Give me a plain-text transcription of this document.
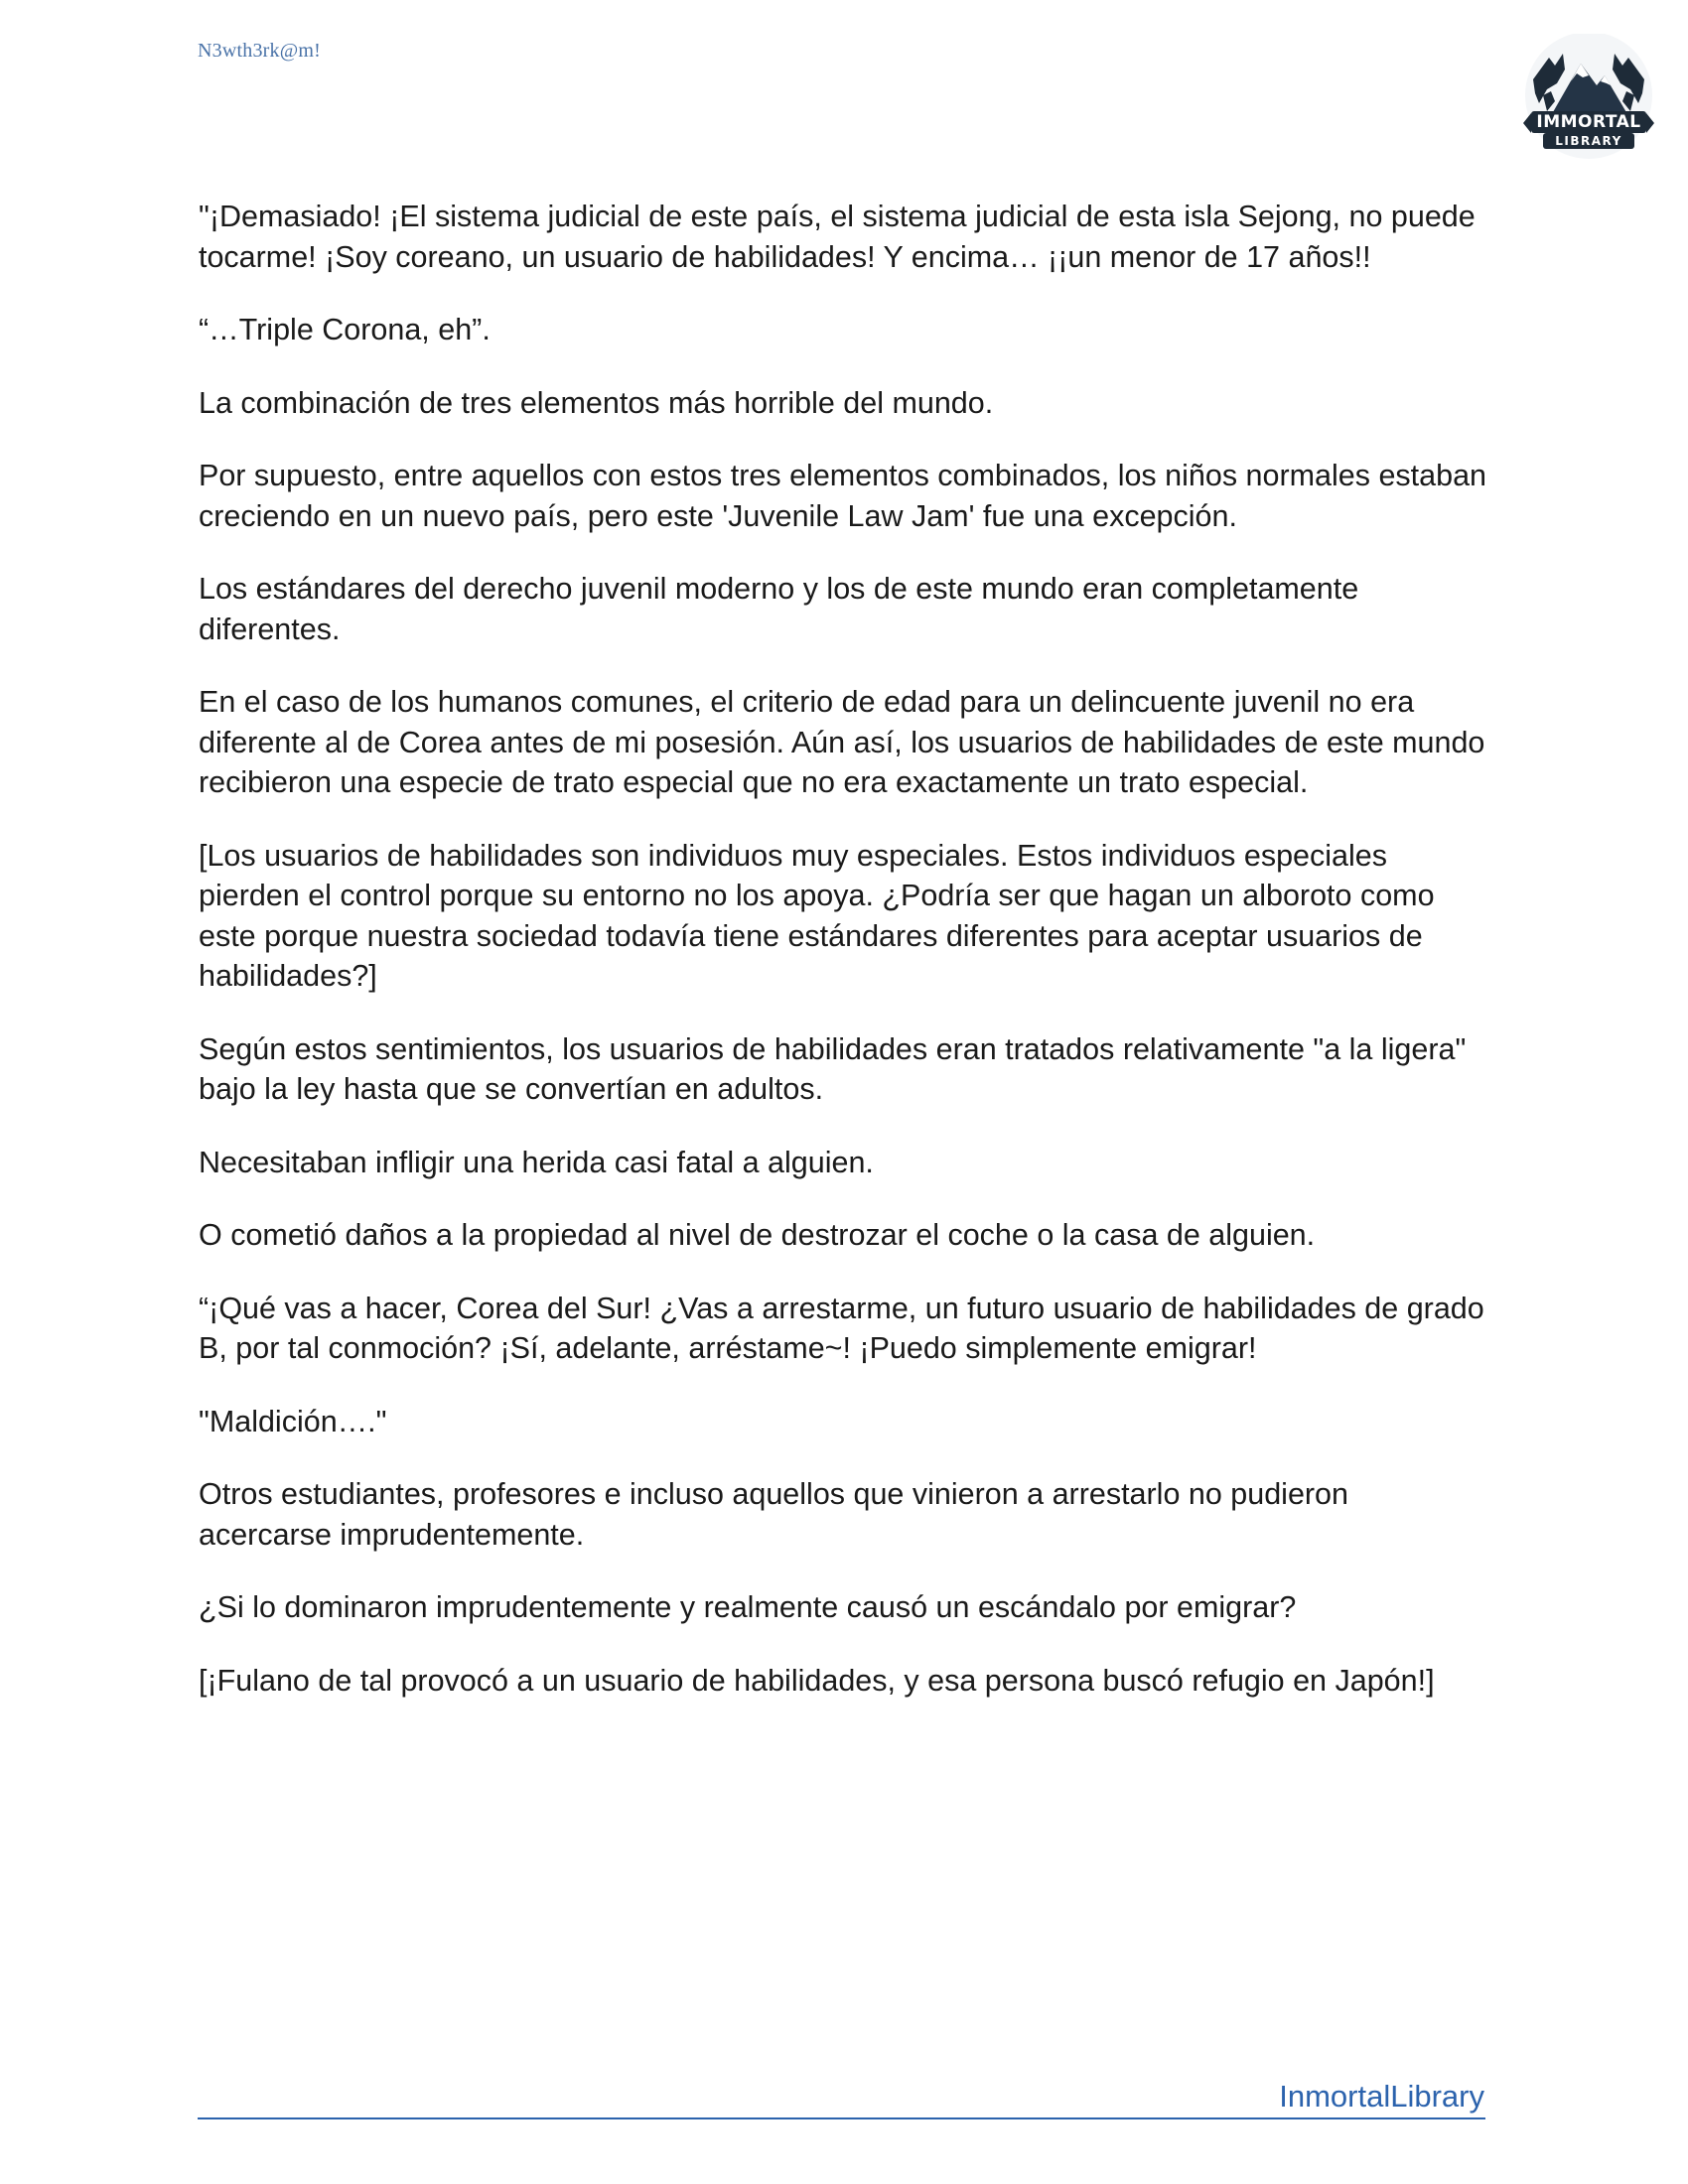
N3wth3rk@m!
IMMORTAL
LIBRARY

"¡Demasiado! ¡El sistema judicial de este país, el sistema judicial de esta isla Sejong, no puede tocarme! ¡Soy coreano, un usuario de habilidades! Y encima… ¡¡un menor de 17 años!!

“…Triple Corona, eh”.

La combinación de tres elementos más horrible del mundo.

Por supuesto, entre aquellos con estos tres elementos combinados, los niños normales estaban creciendo en un nuevo país, pero este 'Juvenile Law Jam' fue una excepción.

Los estándares del derecho juvenil moderno y los de este mundo eran completamente diferentes.

En el caso de los humanos comunes, el criterio de edad para un delincuente juvenil no era diferente al de Corea antes de mi posesión. Aún así, los usuarios de habilidades de este mundo recibieron una especie de trato especial que no era exactamente un trato especial.

[Los usuarios de habilidades son individuos muy especiales. Estos individuos especiales pierden el control porque su entorno no los apoya. ¿Podría ser que hagan un alboroto como este porque nuestra sociedad todavía tiene estándares diferentes para aceptar usuarios de habilidades?]

Según estos sentimientos, los usuarios de habilidades eran tratados relativamente "a la ligera" bajo la ley hasta que se convertían en adultos.

Necesitaban infligir una herida casi fatal a alguien.

O cometió daños a la propiedad al nivel de destrozar el coche o la casa de alguien.

“¡Qué vas a hacer, Corea del Sur! ¿Vas a arrestarme, un futuro usuario de habilidades de grado B, por tal conmoción? ¡Sí, adelante, arréstame~! ¡Puedo simplemente emigrar!

"Maldición…."

Otros estudiantes, profesores e incluso aquellos que vinieron a arrestarlo no pudieron acercarse imprudentemente.

¿Si lo dominaron imprudentemente y realmente causó un escándalo por emigrar?

[¡Fulano de tal provocó a un usuario de habilidades, y esa persona buscó refugio en Japón!]

InmortalLibrary
